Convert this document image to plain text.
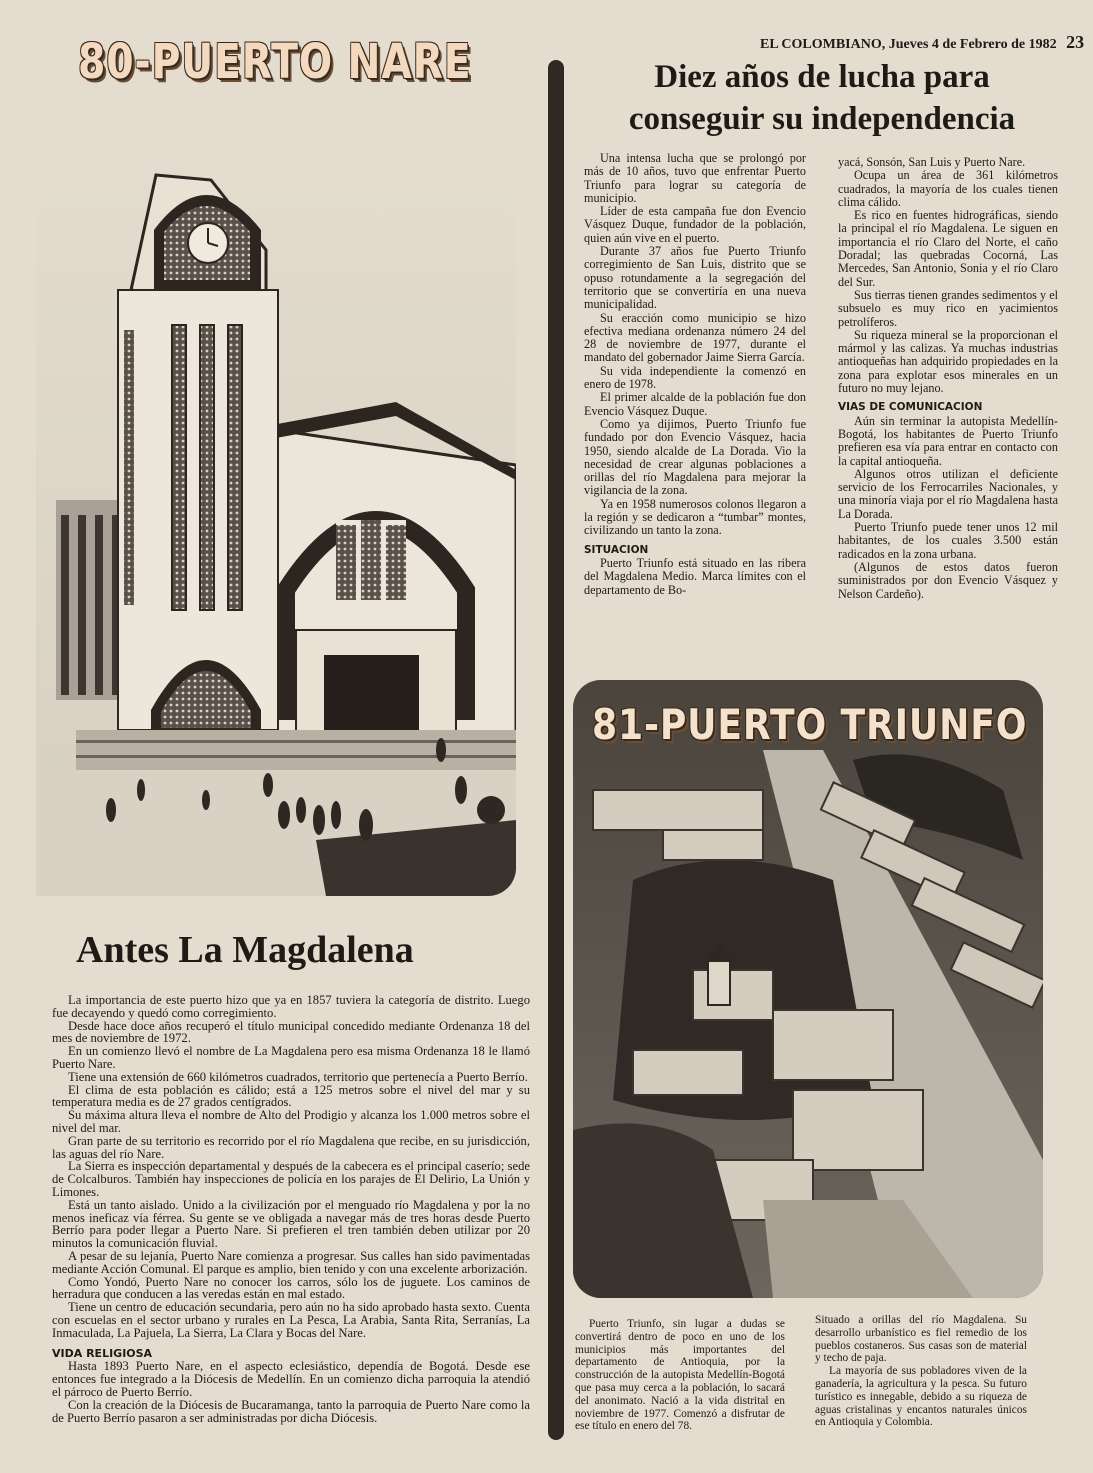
EL COLOMBIANO, Jueves 4 de Febrero de 1982 23
80-PUERTO NARE	Diez años de lucha para
conseguir su independencia

Una intensa lucha que se prolongó por más de 10 años, tuvo que enfrentar Puerto Triunfo para lograr su categoría de municipio.

Líder de esta campaña fue don Evencio Vásquez Duque, fundador de la población, quien aún vive en el puerto.

Durante 37 años fue Puerto Triunfo corregimiento de San Luis, distrito que se opuso rotundamente a la segregación del territorio que se convertiría en una nueva municipalidad.

Su eracción como municipio se hizo efectiva mediana ordenanza número 24 del 28 de noviembre de 1977, durante el mandato del gobernador Jaime Sierra García.

Su vida independiente la comenzó en enero de 1978.

El primer alcalde de la población fue don Evencio Vásquez Duque.

Como ya dijimos, Puerto Triunfo fue fundado por don Evencio Vásquez, hacia 1950, siendo alcalde de La Dorada. Vio la necesidad de crear algunas poblaciones a orillas del río Magdalena para mejorar la vigilancia de la zona.

Ya en 1958 numerosos colonos llegaron a la región y se dedicaron a “tumbar” montes, civilizando un tanto la zona.

SITUACION

Puerto Triunfo está situado en las ribera del Magdalena Medio. Marca límites con el departamento de Bo-

yacá, Sonsón, San Luis y Puerto Nare.

Ocupa un área de 361 kilómetros cuadrados, la mayoría de los cuales tienen clima cálido.

Es rico en fuentes hidrográficas, siendo la principal el río Magdalena. Le siguen en importancia el río Claro del Norte, el caño Doradal; las quebradas Cocorná, Las Mercedes, San Antonio, Sonia y el río Claro del Sur.

Sus tierras tienen grandes sedimentos y el subsuelo es muy rico en yacimientos petrolíferos.

Su riqueza mineral se la proporcionan el mármol y las calizas. Ya muchas industrias antioqueñas han adquirido propiedades en la zona para explotar esos minerales en un futuro no muy lejano.

VIAS DE COMUNICACION

Aún sin terminar la autopista Medellín-Bogotá, los habitantes de Puerto Triunfo prefieren esa vía para entrar en contacto con la capital antioqueña.

Algunos otros utilizan el deficiente servicio de los Ferrocarriles Nacionales, y una minoría viaja por el río Magdalena hasta La Dorada.

Puerto Triunfo puede tener unos 12 mil habitantes, de los cuales 3.500 están radicados en la zona urbana.

(Algunos de estos datos fueron suministrados por don Evencio Vásquez y Nelson Cardeño).

81-PUERTO TRIUNFO
Antes La Magdalena

La importancia de este puerto hizo que ya en 1857 tuviera la categoría de distrito. Luego fue decayendo y quedó como corregimiento.

Desde hace doce años recuperó el título municipal concedido mediante Ordenanza 18 del mes de noviembre de 1972.

En un comienzo llevó el nombre de La Magdalena pero esa misma Ordenanza 18 le llamó Puerto Nare.

Tiene una extensión de 660 kilómetros cuadrados, territorio que pertenecía a Puerto Berrío.

El clima de esta población es cálido; está a 125 metros sobre el nivel del mar y su temperatura media es de 27 grados centígrados.

Su máxima altura lleva el nombre de Alto del Prodigio y alcanza los 1.000 metros sobre el nivel del mar.

Gran parte de su territorio es recorrido por el río Magdalena que recibe, en su jurisdicción, las aguas del río Nare.

La Sierra es inspección departamental y después de la cabecera es el principal caserío; sede de Colcalburos. También hay inspecciones de policía en los parajes de El Delirio, La Unión y Limones.

Está un tanto aislado. Unido a la civilización por el menguado río Magdalena y por la no menos ineficaz vía férrea. Su gente se ve obligada a navegar más de tres horas desde Puerto Berrío para poder llegar a Puerto Nare. Si prefieren el tren también deben utilizar por 20 minutos la comunicación fluvial.

A pesar de su lejanía, Puerto Nare comienza a progresar. Sus calles han sido pavimentadas mediante Acción Comunal. El parque es amplio, bien tenido y con una excelente arborización.

Como Yondó, Puerto Nare no conocer los carros, sólo los de juguete. Los caminos de herradura que conducen a las veredas están en mal estado.

Tiene un centro de educación secundaria, pero aún no ha sido aprobado hasta sexto. Cuenta con escuelas en el sector urbano y rurales en La Pesca, La Arabia, Santa Rita, Serranías, La Inmaculada, La Pajuela, La Sierra, La Clara y Bocas del Nare.

VIDA RELIGIOSA

Hasta 1893 Puerto Nare, en el aspecto eclesiástico, dependía de Bogotá. Desde ese entonces fue integrado a la Diócesis de Medellín. En un comienzo dicha parroquia la atendió el párroco de Puerto Berrío.

Con la creación de la Diócesis de Bucaramanga, tanto la parroquia de Puerto Nare como la de Puerto Berrío pasaron a ser administradas por dicha Diócesis.

Puerto Triunfo, sin lugar a dudas se convertirá dentro de poco en uno de los municipios más importantes del departamento de Antioquia, por la construcción de la autopista Medellín-Bogotá que pasa muy cerca a la población, lo sacará del anonimato. Nació a la vida distrital en noviembre de 1977. Comenzó a disfrutar de ese título en enero del 78.

Situado a orillas del río Magdalena. Su desarrollo urbanístico es fiel remedio de los pueblos costaneros. Sus casas son de material y techo de paja.

La mayoría de sus pobladores viven de la ganadería, la agricultura y la pesca. Su futuro turístico es innegable, debido a su riqueza de aguas cristalinas y encantos naturales únicos en Antioquia y Colombia.
